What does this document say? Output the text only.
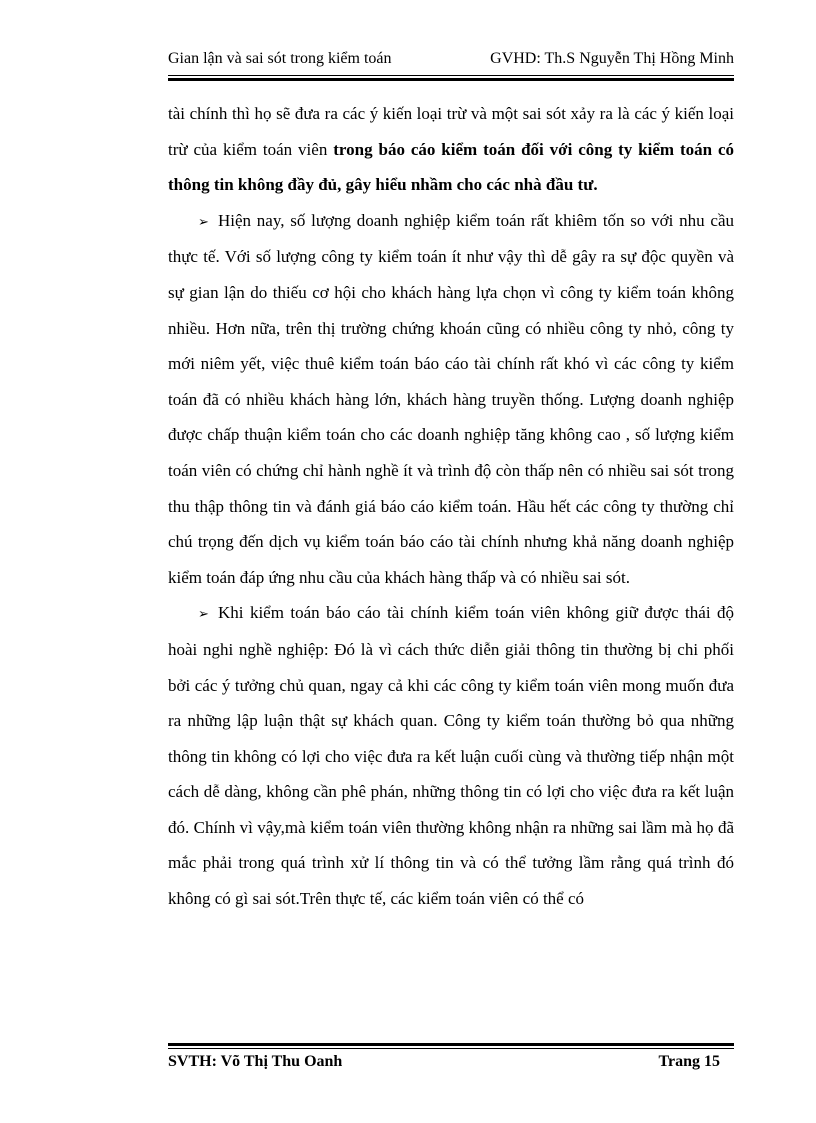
Gian lận và sai sót trong kiểm toán	GVHD: Th.S Nguyễn Thị Hồng Minh

tài chính thì họ sẽ đưa ra các ý kiến loại trừ và một sai sót xảy ra là các ý kiến loại trừ của kiểm toán viên trong báo cáo kiểm toán đối với công ty kiểm toán có thông tin không đầy đủ, gây hiểu nhầm cho các nhà đầu tư.

➢ Hiện nay, số lượng doanh nghiệp kiểm toán rất khiêm tốn so với nhu cầu thực tế. Với số lượng công ty kiểm toán ít như vậy thì dễ gây ra sự độc quyền và sự gian lận do thiếu cơ hội cho khách hàng lựa chọn vì công ty kiểm toán không nhiều. Hơn nữa, trên thị trường chứng khoán cũng có nhiều công ty nhỏ, công ty mới niêm yết, việc thuê kiểm toán báo cáo tài chính rất khó vì các công ty kiểm toán đã có nhiều khách hàng lớn, khách hàng truyền thống. Lượng doanh nghiệp được chấp thuận kiểm toán cho các doanh nghiệp tăng không cao , số lượng kiểm toán viên có chứng chỉ hành nghề ít và trình độ còn thấp nên có nhiều sai sót trong thu thập thông tin và đánh giá báo cáo kiểm toán. Hầu hết các công ty thường chỉ chú trọng đến dịch vụ kiểm toán báo cáo tài chính nhưng khả năng doanh nghiệp kiểm toán đáp ứng nhu cầu của khách hàng thấp và có nhiều sai sót.

➢ Khi kiểm toán báo cáo tài chính kiểm toán viên không giữ được thái độ hoài nghi nghề nghiệp: Đó là vì cách thức diễn giải thông tin thường bị chi phối bởi các ý tưởng chủ quan, ngay cả khi các công ty kiểm toán viên mong muốn đưa ra những lập luận thật sự khách quan. Công ty kiểm toán thường bỏ qua những thông tin không có lợi cho việc đưa ra kết luận cuối cùng và thường tiếp nhận một cách dễ dàng, không cần phê phán, những thông tin có lợi cho việc đưa ra kết luận đó. Chính vì vậy,mà kiểm toán viên thường không nhận ra những sai lầm mà họ đã mắc phải trong quá trình xử lí thông tin và có thể tưởng lầm rằng quá trình đó không có gì sai sót.Trên thực tế, các kiểm toán viên có thể có

SVTH: Võ Thị Thu Oanh	Trang 15
